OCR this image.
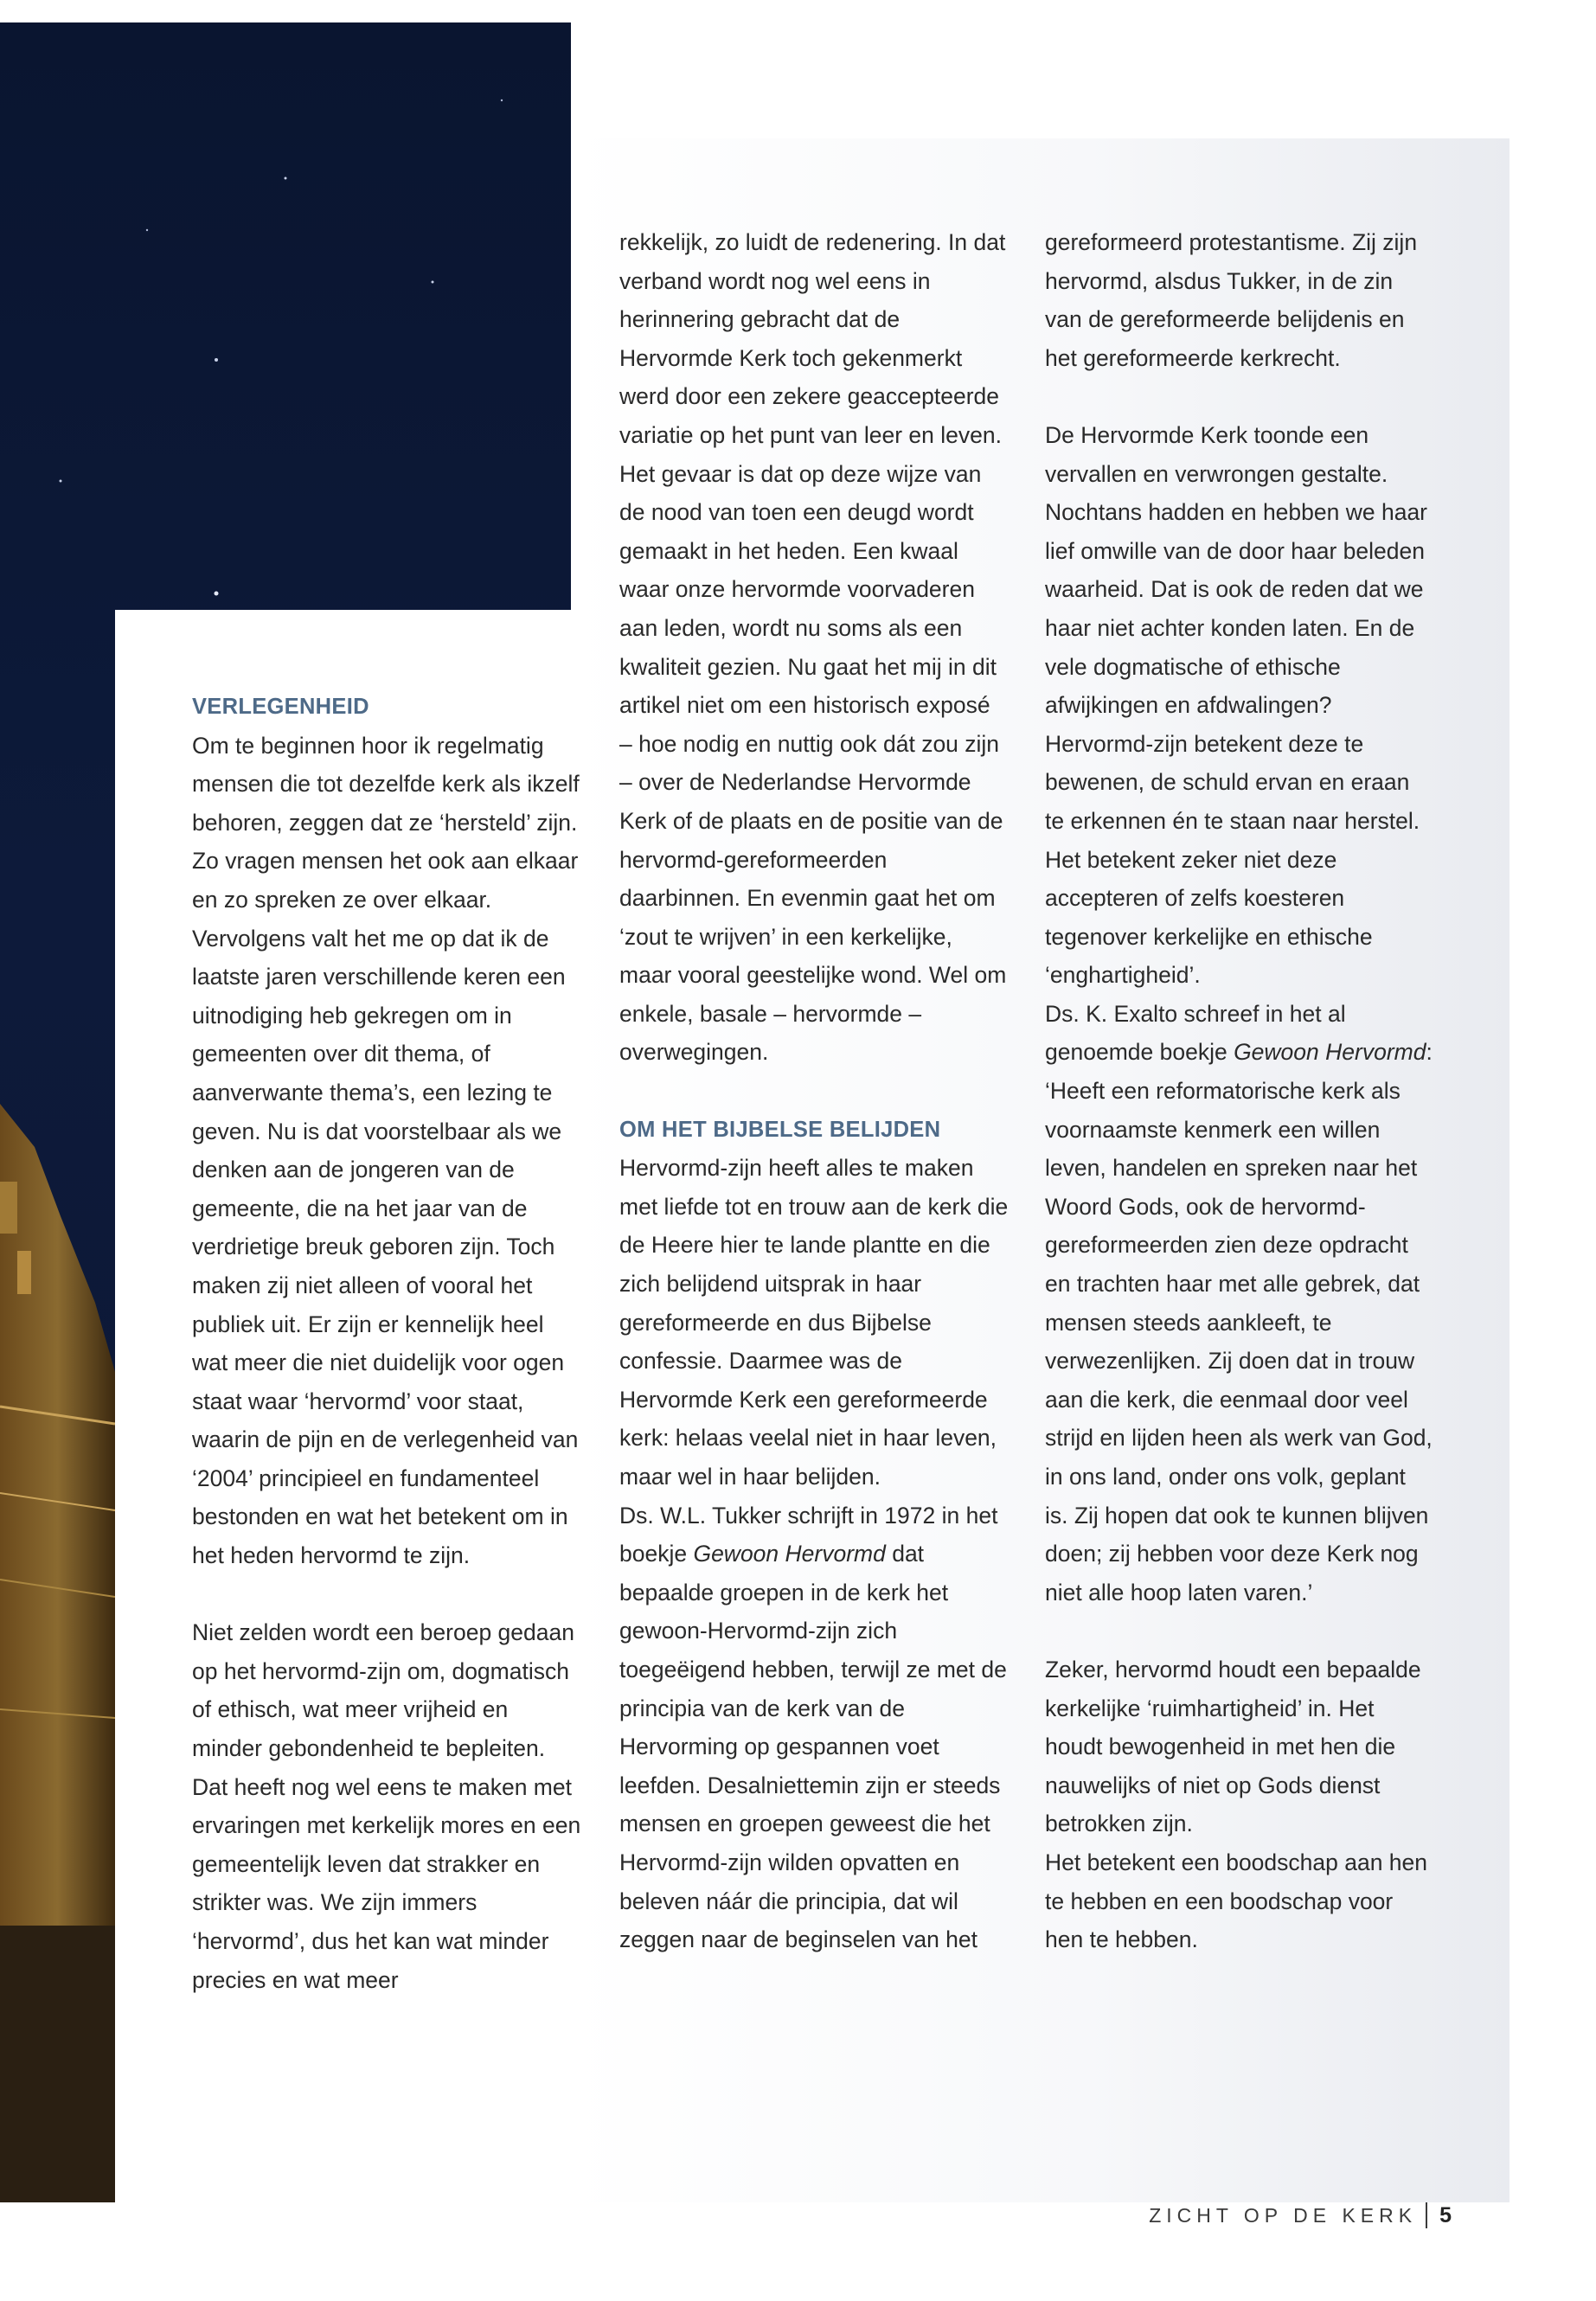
VERLEGENHEID

Om te beginnen hoor ik regelmatig mensen die tot dezelfde kerk als ikzelf behoren, zeggen dat ze ‘hersteld’ zijn. Zo vragen mensen het ook aan elkaar en zo spreken ze over elkaar. Vervolgens valt het me op dat ik de laatste jaren verschillende keren een uitnodiging heb gekregen om in gemeenten over dit thema, of aanverwante thema’s, een lezing te geven. Nu is dat voorstelbaar als we denken aan de jongeren van de gemeente, die na het jaar van de verdrietige breuk geboren zijn. Toch maken zij niet alleen of vooral het publiek uit. Er zijn er kennelijk heel wat meer die niet duidelijk voor ogen staat waar ‘hervormd’ voor staat, waarin de pijn en de verlegenheid van ‘2004’ principieel en fundamenteel bestonden en wat het betekent om in het heden hervormd te zijn.

Niet zelden wordt een beroep gedaan op het hervormd-zijn om, dogmatisch of ethisch, wat meer vrijheid en minder gebondenheid te bepleiten. Dat heeft nog wel eens te maken met ervaringen met kerkelijk mores en een gemeentelijk leven dat strakker en strikter was. We zijn immers ‘hervormd’, dus het kan wat minder precies en wat meer

rekkelijk, zo luidt de redenering. In dat verband wordt nog wel eens in herinnering gebracht dat de Hervormde Kerk toch gekenmerkt werd door een zekere geaccepteerde variatie op het punt van leer en leven. Het gevaar is dat op deze wijze van de nood van toen een deugd wordt gemaakt in het heden. Een kwaal waar onze hervormde voorvaderen aan leden, wordt nu soms als een kwaliteit gezien. Nu gaat het mij in dit artikel niet om een historisch exposé – hoe nodig en nuttig ook dát zou zijn – over de Nederlandse Hervormde Kerk of de plaats en de positie van de hervormd-gereformeerden daarbinnen. En evenmin gaat het om ‘zout te wrijven’ in een kerkelijke, maar vooral geestelijke wond. Wel om enkele, basale – hervormde – overwegingen.

OM HET BIJBELSE BELIJDEN

Hervormd-zijn heeft alles te maken met liefde tot en trouw aan de kerk die de Heere hier te lande plantte en die zich belijdend uitsprak in haar gereformeerde en dus Bijbelse confessie. Daarmee was de Hervormde Kerk een gereformeerde kerk: helaas veelal niet in haar leven, maar wel in haar belijden.

Ds. W.L. Tukker schrijft in 1972 in het boekje Gewoon Hervormd dat bepaalde groepen in de kerk het gewoon-Hervormd-zijn zich toegeëigend hebben, terwijl ze met de principia van de kerk van de Hervorming op gespannen voet leefden. Desalniettemin zijn er steeds mensen en groepen geweest die het Hervormd-zijn wilden opvatten en beleven náár die principia, dat wil zeggen naar de beginselen van het

gereformeerd protestantisme. Zij zijn hervormd, alsdus Tukker, in de zin van de gereformeerde belijdenis en het gereformeerde kerkrecht.

De Hervormde Kerk toonde een vervallen en verwrongen gestalte. Nochtans hadden en hebben we haar lief omwille van de door haar beleden waarheid. Dat is ook de reden dat we haar niet achter konden laten. En de vele dogmatische of ethische afwijkingen en afdwalingen? Hervormd-zijn betekent deze te bewenen, de schuld ervan en eraan te erkennen én te staan naar herstel. Het betekent zeker niet deze accepteren of zelfs koesteren tegenover kerkelijke en ethische ‘enghartigheid’.

Ds. K. Exalto schreef in het al genoemde boekje Gewoon Hervormd: ‘Heeft een reformatorische kerk als voornaamste kenmerk een willen leven, handelen en spreken naar het Woord Gods, ook de hervormd-gereformeerden zien deze opdracht en trachten haar met alle gebrek, dat mensen steeds aankleeft, te verwezenlijken. Zij doen dat in trouw aan die kerk, die eenmaal door veel strijd en lijden heen als werk van God, in ons land, onder ons volk, geplant is. Zij hopen dat ook te kunnen blijven doen; zij hebben voor deze Kerk nog niet alle hoop laten varen.’

Zeker, hervormd houdt een bepaalde kerkelijke ‘ruimhartigheid’ in. Het houdt bewogenheid in met hen die nauwelijks of niet op Gods dienst betrokken zijn.

Het betekent een boodschap aan hen te hebben en een boodschap voor hen te hebben.

ZICHT OP DE KERK 5
